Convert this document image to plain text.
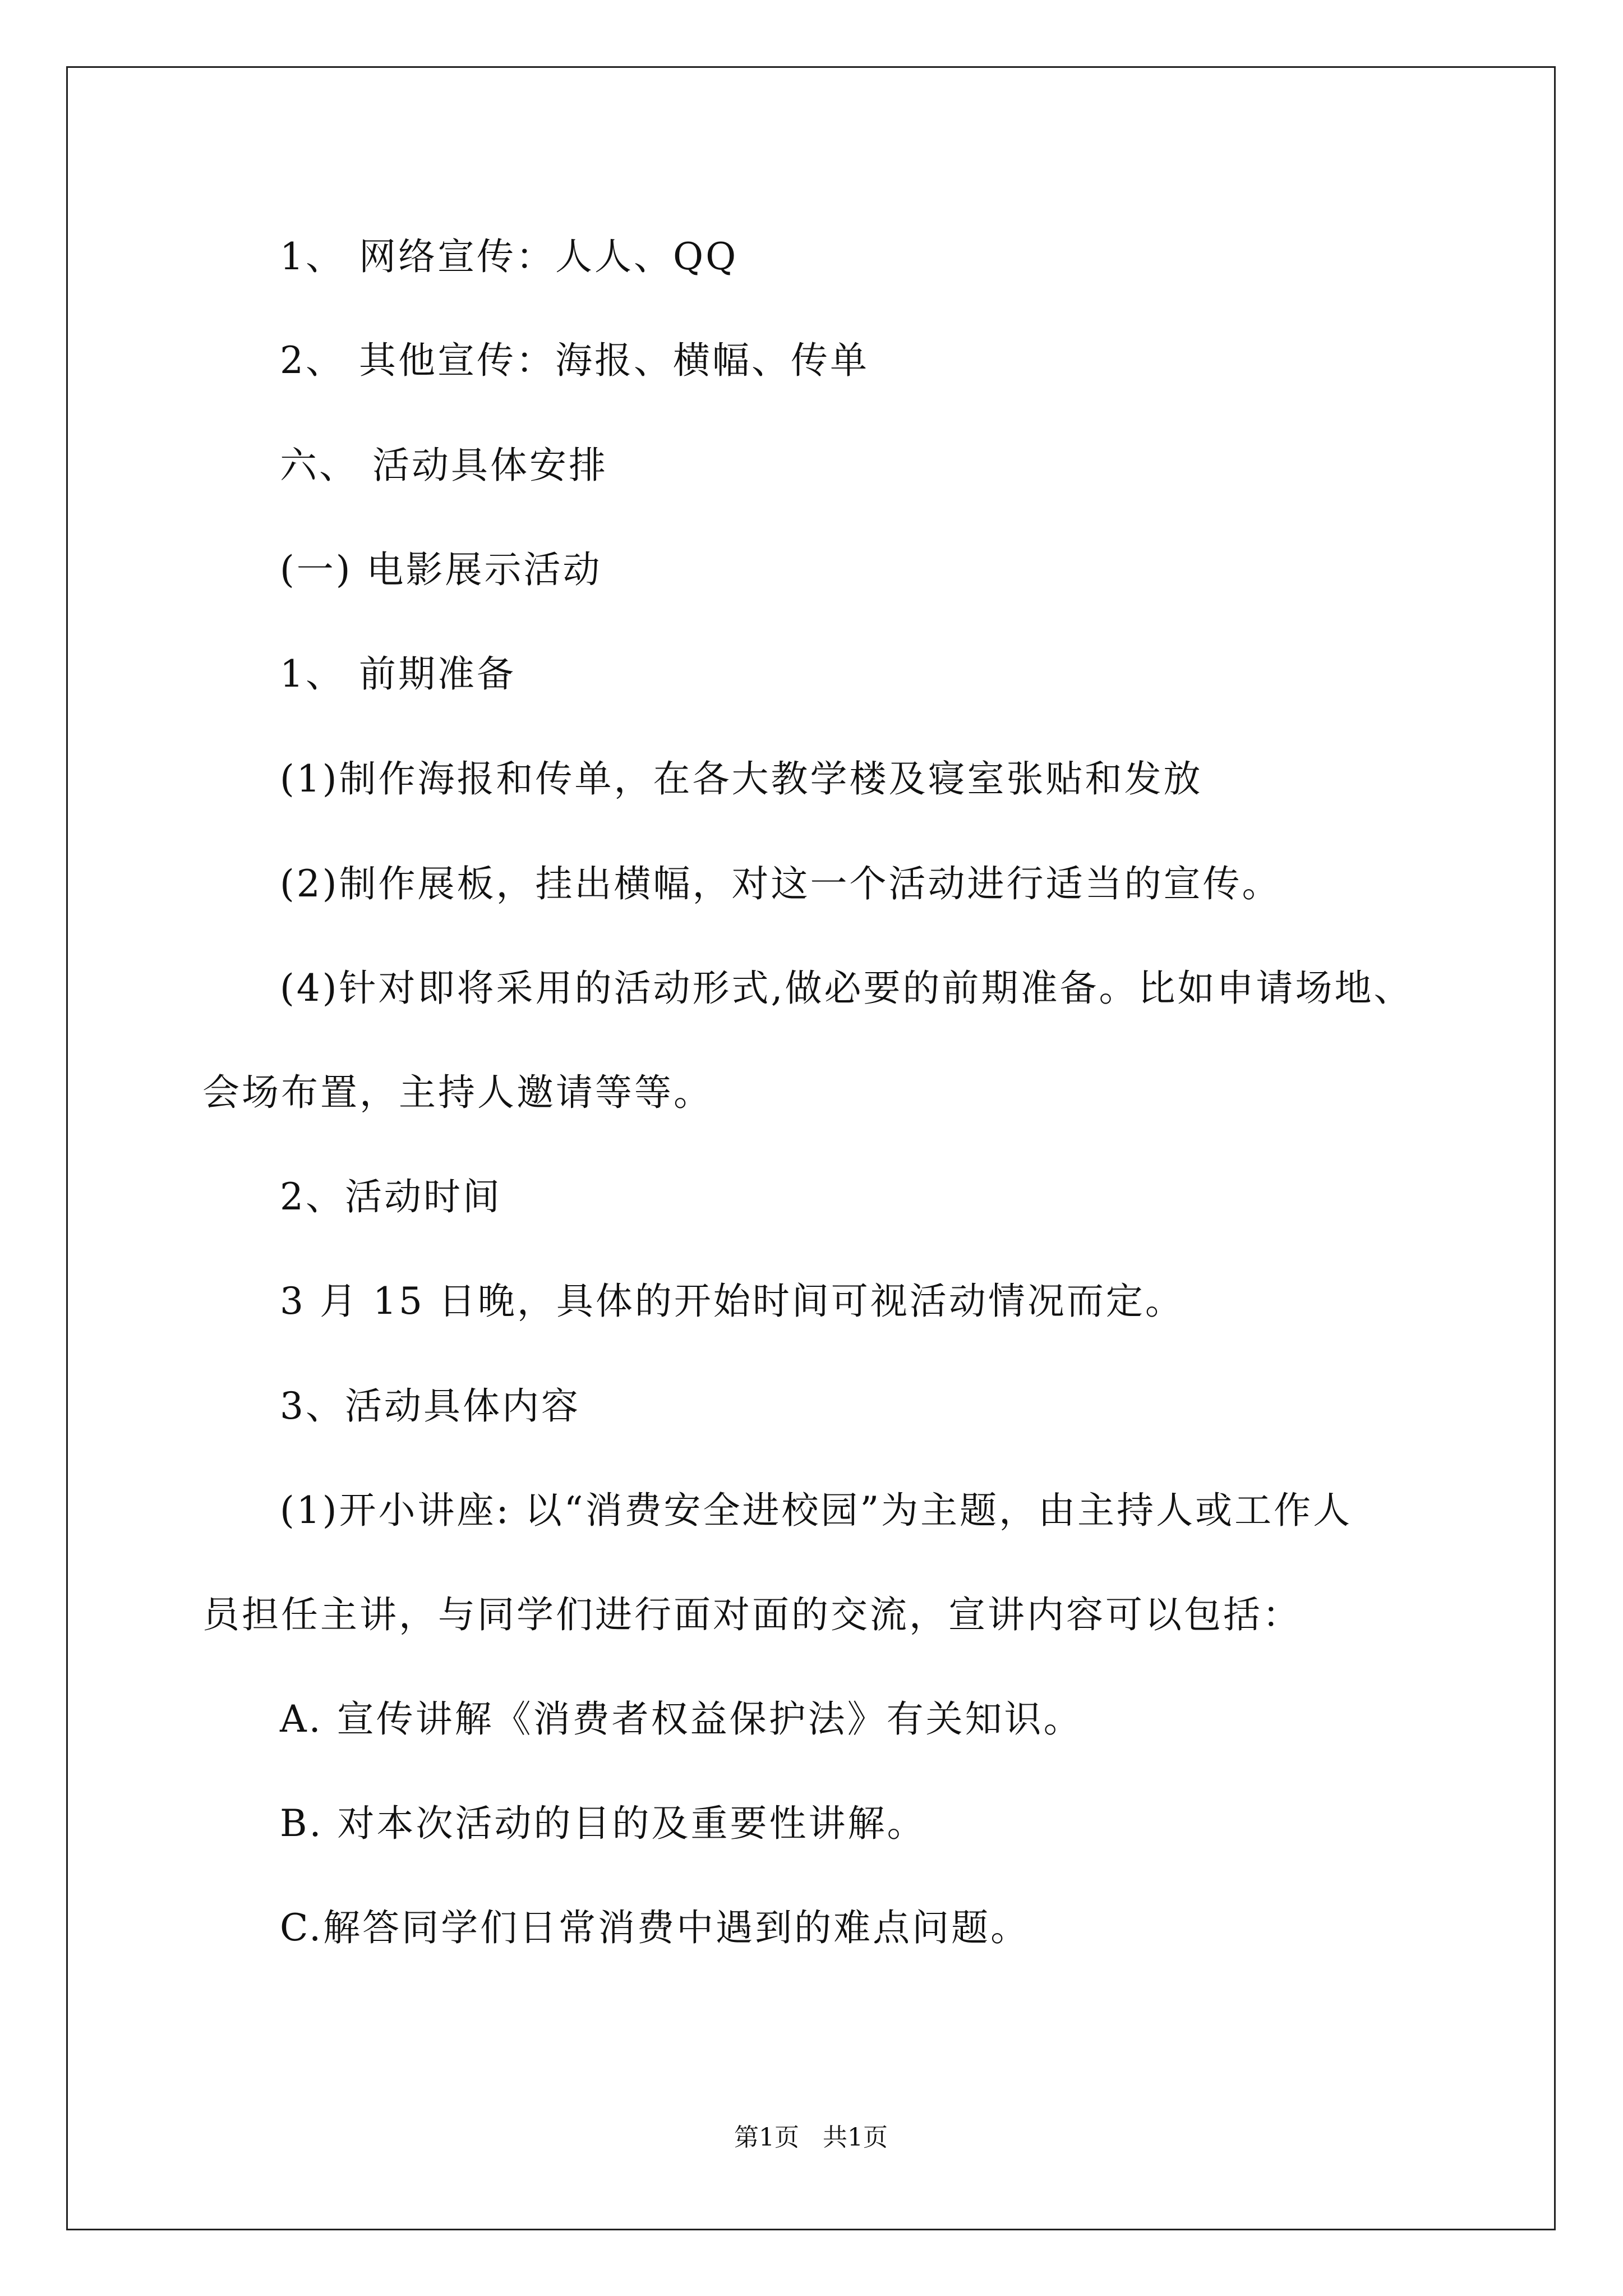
1、 网络宣传：人人、QQ
2、 其他宣传：海报、横幅、传单
六、 活动具体安排
(一) 电影展示活动
1、 前期准备
(1)制作海报和传单，在各大教学楼及寝室张贴和发放
(2)制作展板，挂出横幅，对这一个活动进行适当的宣传。
(4)针对即将采用的活动形式,做必要的前期准备。比如申请场地、
会场布置，主持人邀请等等。
2、活动时间
3 月 15 日晚，具体的开始时间可视活动情况而定。
3、活动具体内容
(1)开小讲座: 以“消费安全进校园”为主题，由主持人或工作人
员担任主讲，与同学们进行面对面的交流，宣讲内容可以包括：
A. 宣传讲解《消费者权益保护法》有关知识。
B. 对本次活动的目的及重要性讲解。
C.解答同学们日常消费中遇到的难点问题。
第1页   共1页
